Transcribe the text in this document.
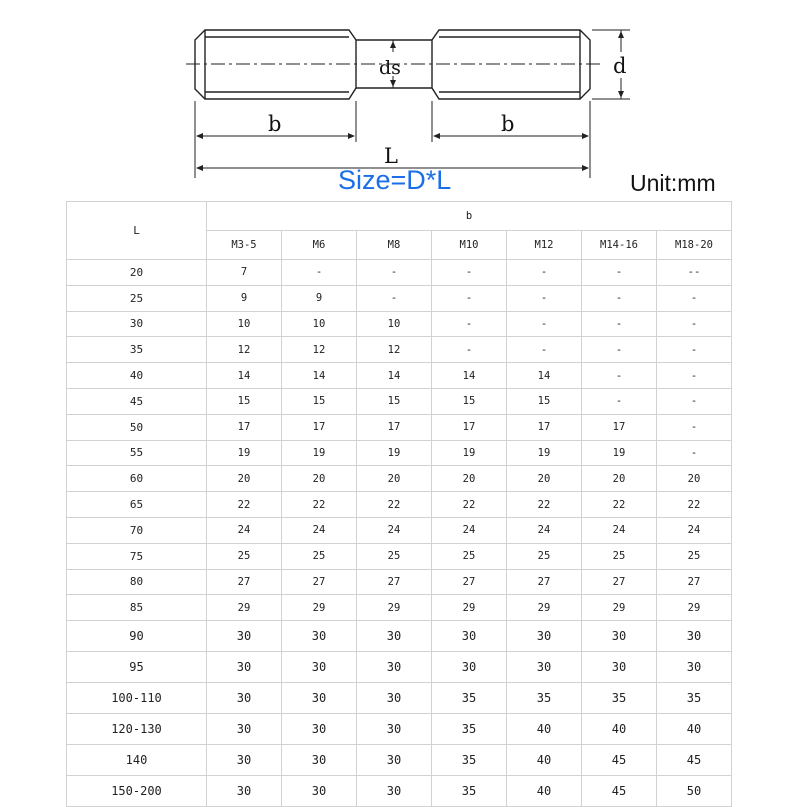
ds	d
b	b
L
Size=D*L	Unit:mm
L	b						
	M3-5	M6	M8	M10	M12	M14-16	M18-20
20	7	-	-	-	-	-	--
25	9	9	-	-	-	-	-
30	10	10	10	-	-	-	-
35	12	12	12	-	-	-	-
40	14	14	14	14	14	-	-
45	15	15	15	15	15	-	-
50	17	17	17	17	17	17	-
55	19	19	19	19	19	19	-
60	20	20	20	20	20	20	20
65	22	22	22	22	22	22	22
70	24	24	24	24	24	24	24
75	25	25	25	25	25	25	25
80	27	27	27	27	27	27	27
85	29	29	29	29	29	29	29
90	30	30	30	30	30	30	30
95	30	30	30	30	30	30	30
100-110	30	30	30	35	35	35	35
120-130	30	30	30	35	40	40	40
140	30	30	30	35	40	45	45
150-200	30	30	30	35	40	45	50
